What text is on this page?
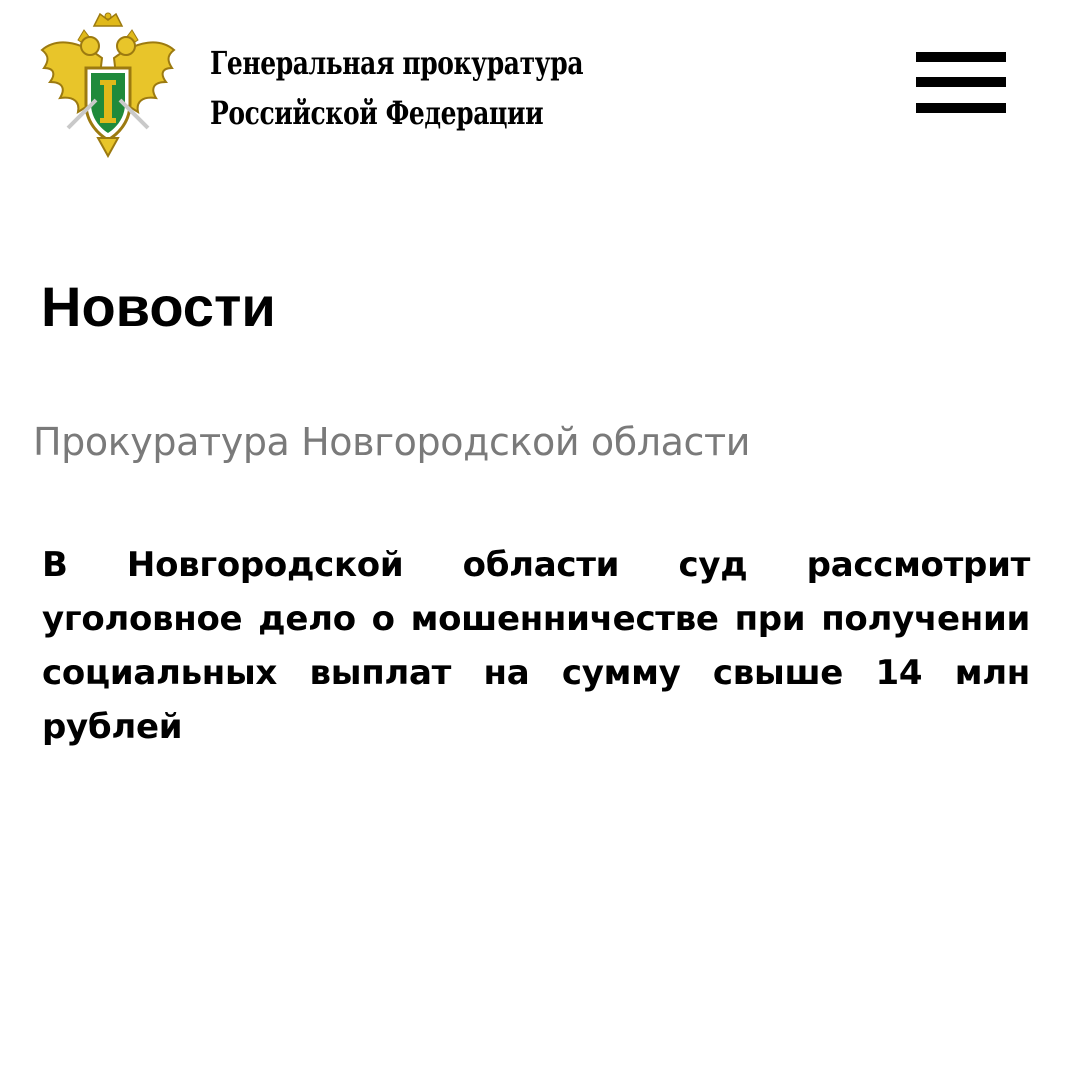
Генеральная прокуратура
Российской Федерации
Новости
Прокуратура Новгородской области

В Новгородской области суд рассмотрит уголовное дело о мошенничестве при получении социальных выплат на сумму свыше 14 млн рублей
